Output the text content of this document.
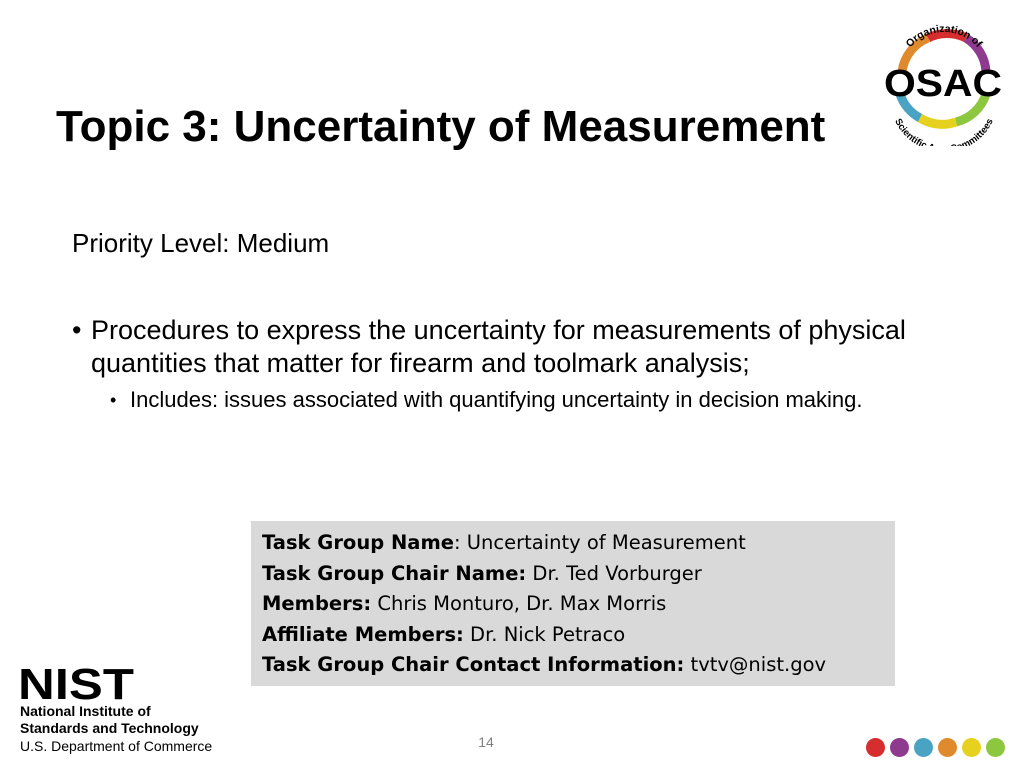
Organization of
OSAC
Scientific mmittees
Topic 3: Uncertainty of Measurement
Priority Level: Medium
• Procedures to express the uncertainty for measurements of physical quantities that matter for firearm and toolmark analysis;
• Includes: issues associated with quantifying uncertainty in decision making.
Task Group Name: Uncertainty of Measurement
Task Group Chair Name: Dr. Ted Vorburger
Members: Chris Monturo, Dr. Max Morris
Affiliate Members: Dr. Nick Petraco
Task Group Chair Contact Information: tvtv@nist.gov
NIST
National Institute of
Standards and Technology
U.S. Department of Commerce	14
